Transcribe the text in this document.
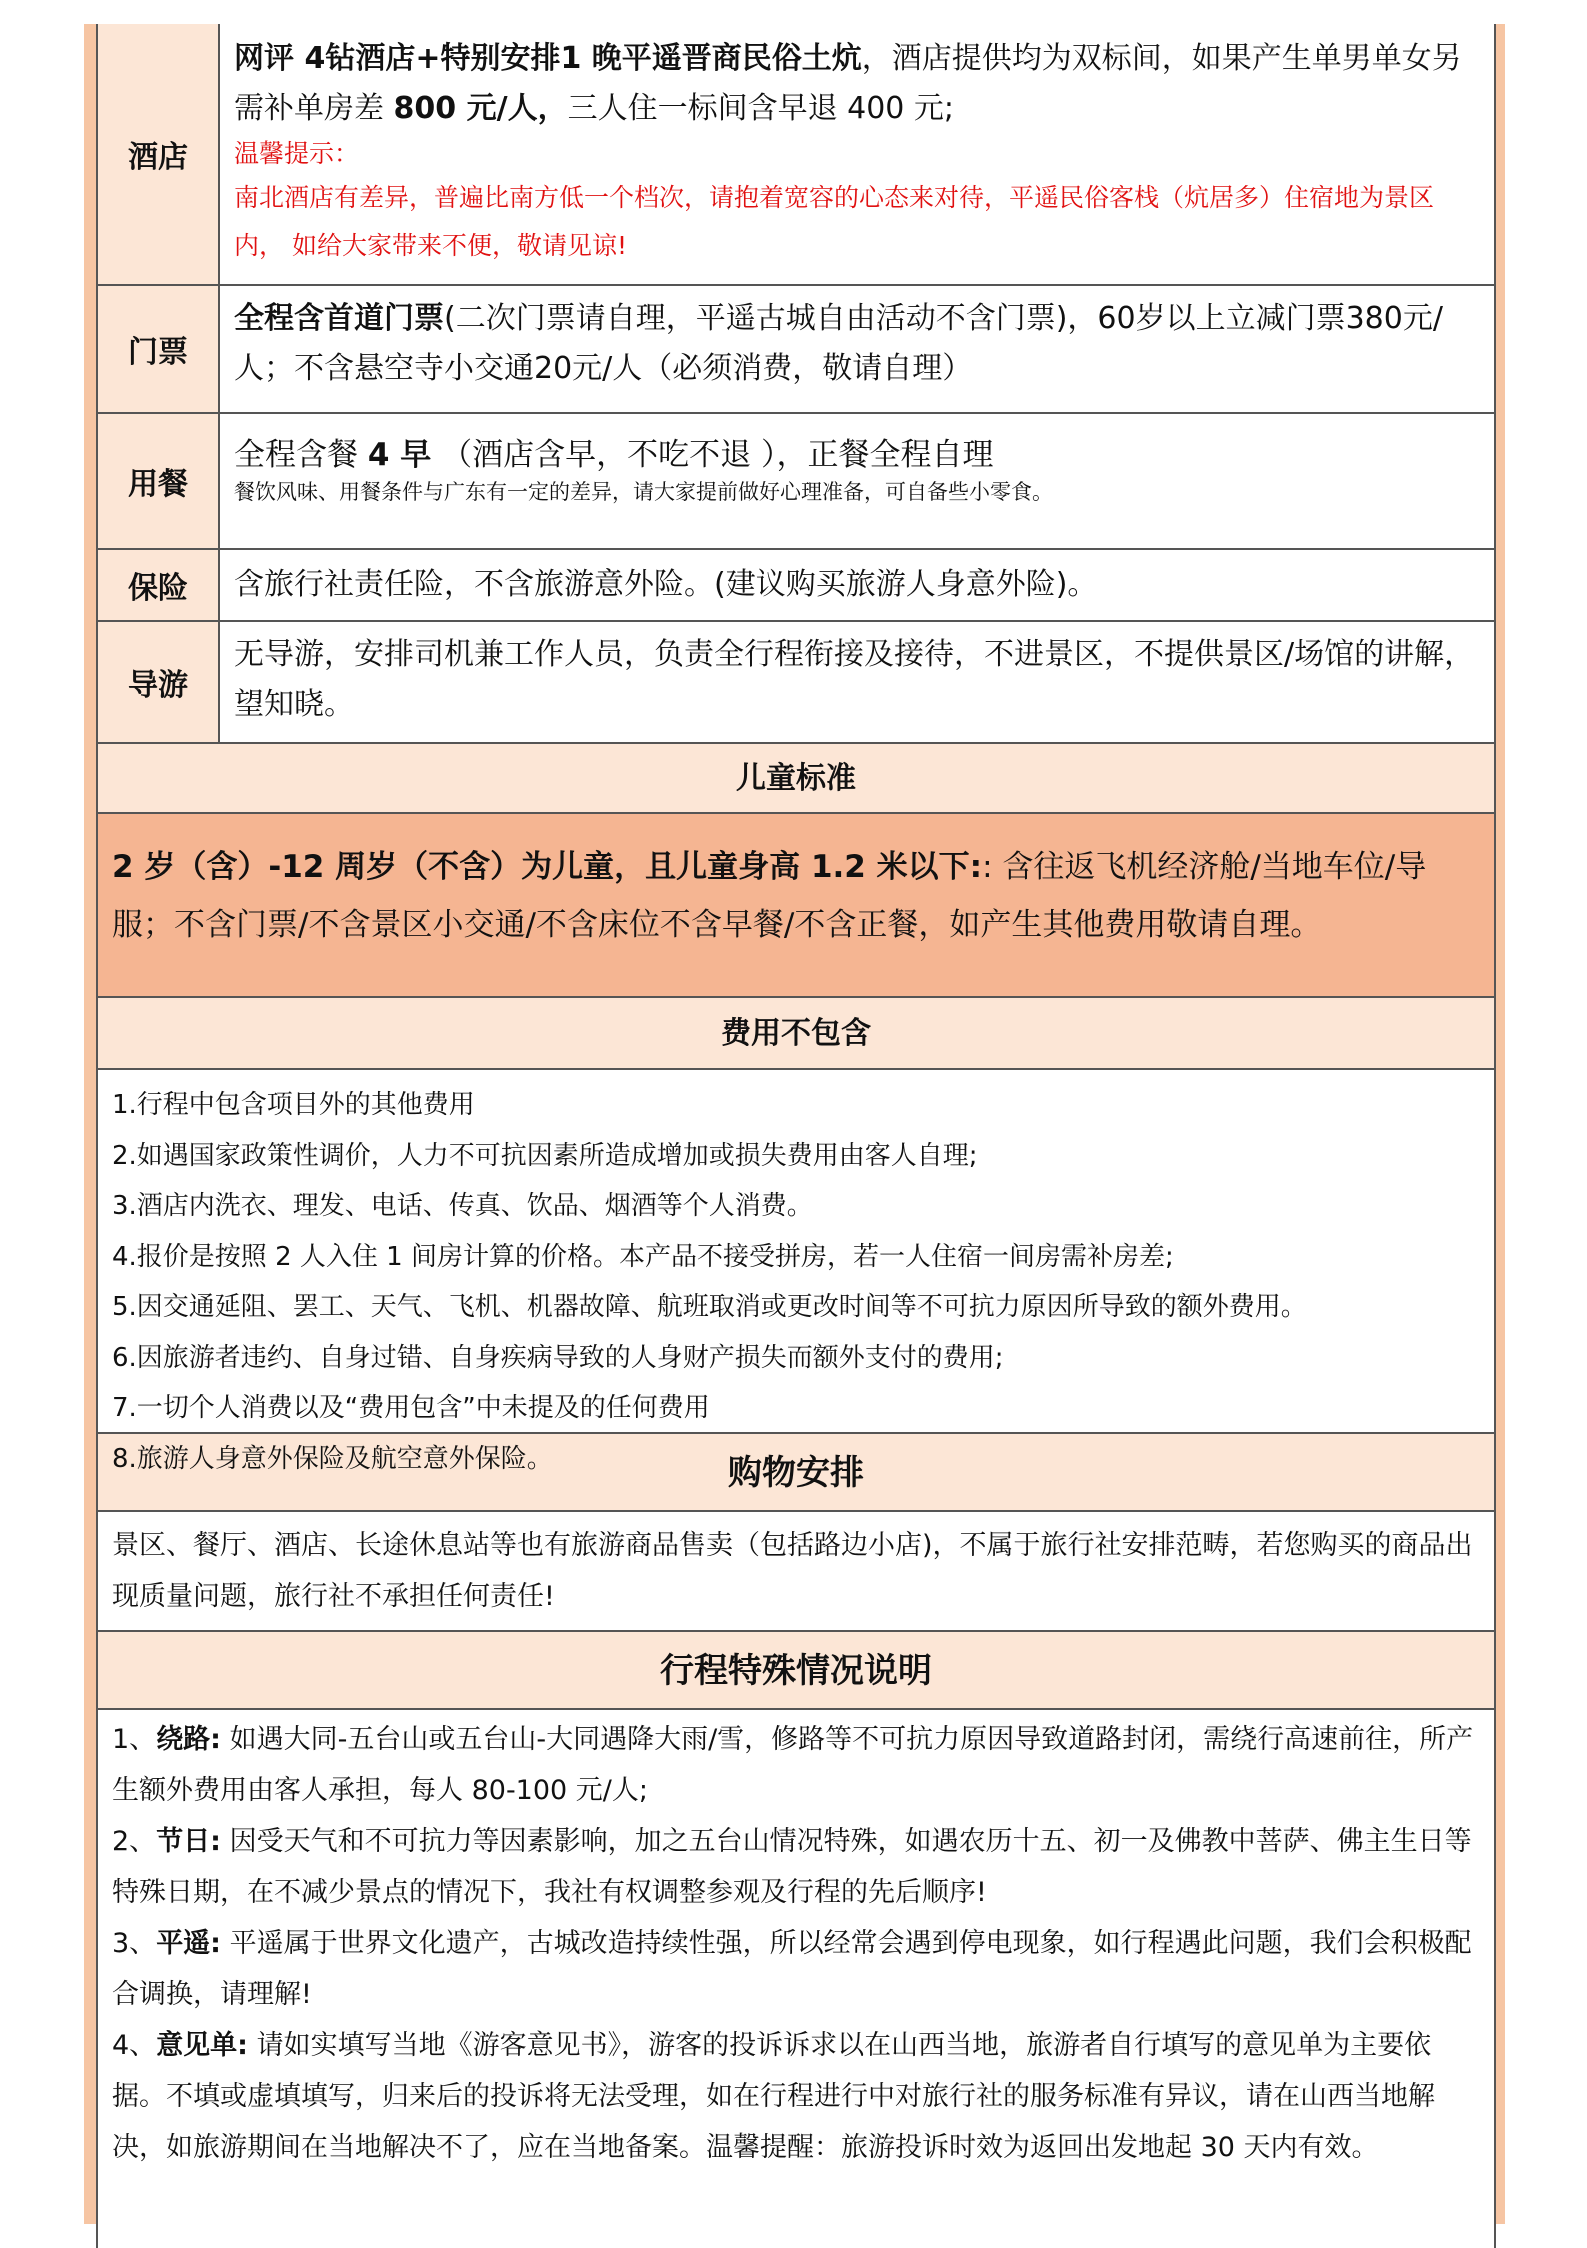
酒店
网评 4钻酒店+特别安排1 晚平遥晋商民俗土炕，酒店提供均为双标间，如果产生单男单女另需补单房差 800 元/人，三人住一标间含早退 400 元;
温馨提示：
南北酒店有差异，普遍比南方低一个档次，请抱着宽容的心态来对待，平遥民俗客栈（炕居多）住宿地为景区内， 如给大家带来不便，敬请见谅!
门票
全程含首道门票(二次门票请自理，平遥古城自由活动不含门票)，60岁以上立减门票380元/人；不含悬空寺小交通20元/人（必须消费，敬请自理）
用餐
全程含餐 4 早 （酒店含早，不吃不退 ），正餐全程自理
餐饮风味、用餐条件与广东有一定的差异，请大家提前做好心理准备，可自备些小零食。
保险	含旅行社责任险，不含旅游意外险。(建议购买旅游人身意外险)。
导游
无导游，安排司机兼工作人员，负责全行程衔接及接待，不进景区，不提供景区/场馆的讲解，望知晓。
儿童标准
2 岁（含）-12 周岁（不含）为儿童，且儿童身高 1.2 米以下:: 含往返飞机经济舱/当地车位/导服；不含门票/不含景区小交通/不含床位不含早餐/不含正餐，如产生其他费用敬请自理。
费用不包含

1.行程中包含项目外的其他费用

2.如遇国家政策性调价，人力不可抗因素所造成增加或损失费用由客人自理;

3.酒店内洗衣、理发、电话、传真、饮品、烟酒等个人消费。

4.报价是按照 2 人入住 1 间房计算的价格。本产品不接受拼房，若一人住宿一间房需补房差;

5.因交通延阻、罢工、天气、飞机、机器故障、航班取消或更改时间等不可抗力原因所导致的额外费用。

6.因旅游者违约、自身过错、自身疾病导致的人身财产损失而额外支付的费用;

7.一切个人消费以及“费用包含”中未提及的任何费用

8.旅游人身意外保险及航空意外保险。	购物安排
景区、餐厅、酒店、长途休息站等也有旅游商品售卖（包括路边小店)，不属于旅行社安排范畴，若您购买的商品出现质量问题，旅行社不承担任何责任!
行程特殊情况说明

1、绕路: 如遇大同-五台山或五台山-大同遇降大雨/雪，修路等不可抗力原因导致道路封闭，需绕行高速前往，所产生额外费用由客人承担，每人 80-100 元/人;

2、节日: 因受天气和不可抗力等因素影响，加之五台山情况特殊，如遇农历十五、初一及佛教中菩萨、佛主生日等特殊日期，在不减少景点的情况下，我社有权调整参观及行程的先后顺序!

3、平遥: 平遥属于世界文化遗产，古城改造持续性强，所以经常会遇到停电现象，如行程遇此问题，我们会积极配合调换，请理解!

4、意见单: 请如实填写当地《游客意见书》，游客的投诉诉求以在山西当地，旅游者自行填写的意见单为主要依据。不填或虚填填写，归来后的投诉将无法受理，如在行程进行中对旅行社的服务标准有异议，请在山西当地解决，如旅游期间在当地解决不了，应在当地备案。温馨提醒：旅游投诉时效为返回出发地起 30 天内有效。
